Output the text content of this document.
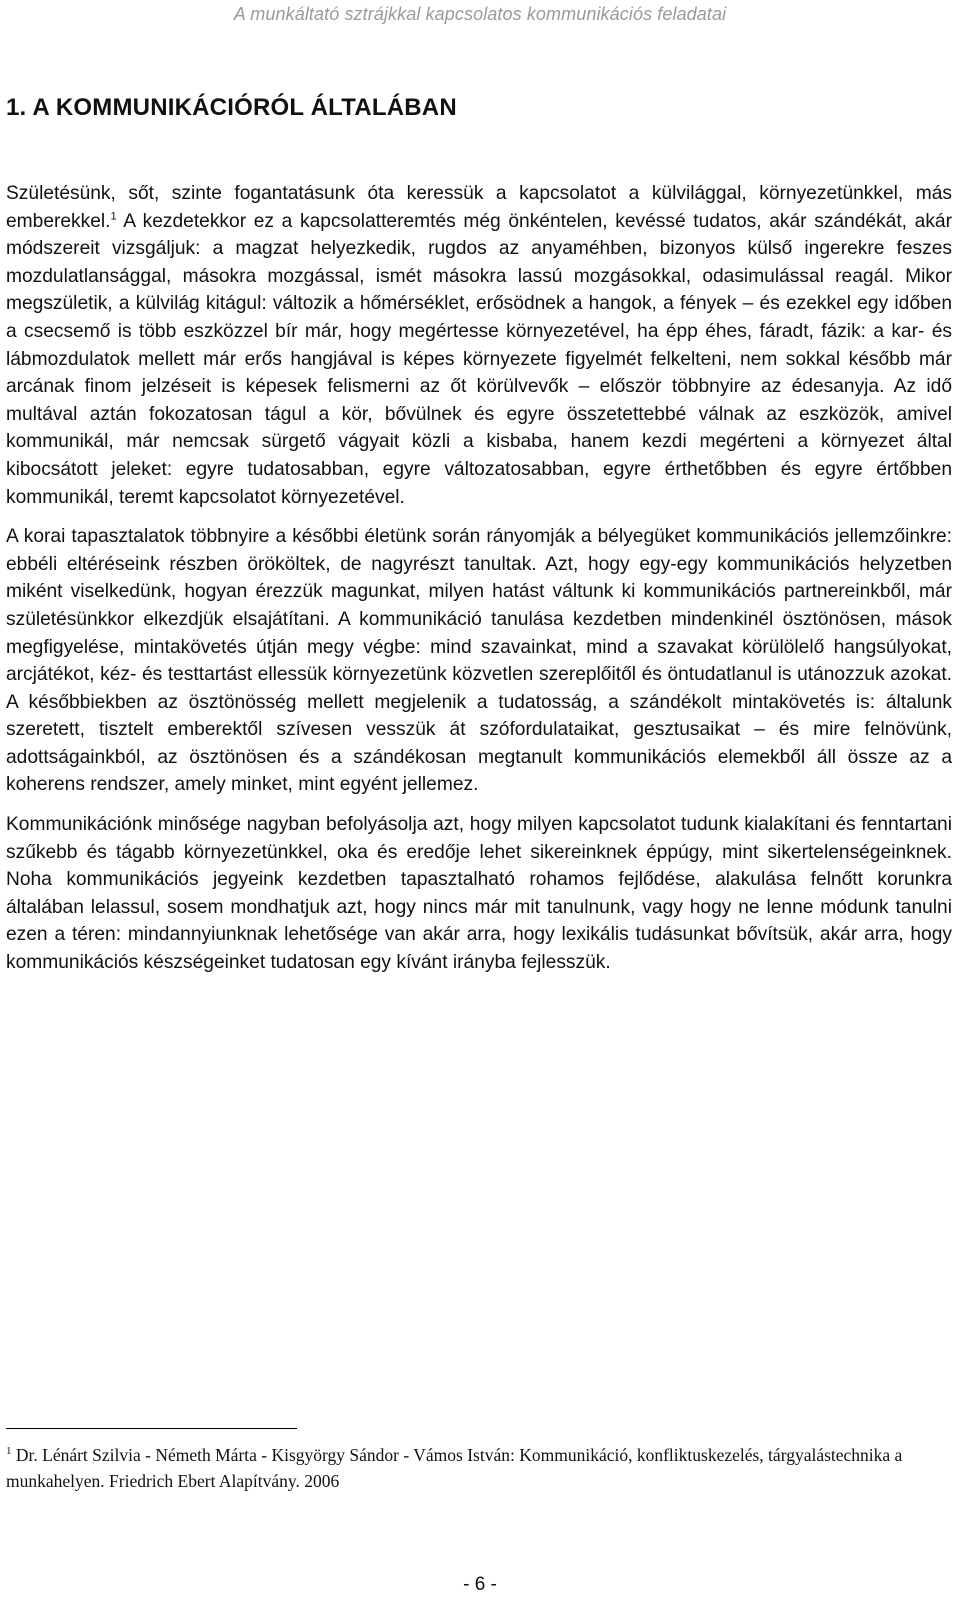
A munkáltató sztrájkkal kapcsolatos kommunikációs feladatai
1. A KOMMUNIKÁCIÓRÓL ÁLTALÁBAN

Születésünk, sőt, szinte fogantatásunk óta keressük a kapcsolatot a külvilággal, környezetünkkel, más emberekkel.$^1$ A kezdetekkor ez a kapcsolatteremtés még önkéntelen, kevéssé tudatos, akár szándékát, akár módszereit vizsgáljuk: a magzat helyezkedik, rugdos az anyaméhben, bizonyos külső ingerekre feszes mozdulatlansággal, másokra mozgással, ismét másokra lassú mozgásokkal, odasimulással reagál. Mikor megszületik, a külvilág kitágul: változik a hőmérséklet, erősödnek a hangok, a fények – és ezekkel egy időben a csecsemő is több eszközzel bír már, hogy megértesse környezetével, ha épp éhes, fáradt, fázik: a kar- és lábmozdulatok mellett már erős hangjával is képes környezete figyelmét felkelteni, nem sokkal később már arcának finom jelzéseit is képesek felismerni az őt körülvevők – először többnyire az édesanyja. Az idő multával aztán fokozatosan tágul a kör, bővülnek és egyre összetettebbé válnak az eszközök, amivel kommunikál, már nemcsak sürgető vágyait közli a kisbaba, hanem kezdi megérteni a környezet által kibocsátott jeleket: egyre tudatosabban, egyre változatosabban, egyre érthetőbben és egyre értőbben kommunikál, teremt kapcsolatot környezetével.

A korai tapasztalatok többnyire a későbbi életünk során rányomják a bélyegüket kommunikációs jellemzőinkre: ebbéli eltéréseink részben örököltek, de nagyrészt tanultak. Azt, hogy egy-egy kommunikációs helyzetben miként viselkedünk, hogyan érezzük magunkat, milyen hatást váltunk ki kommunikációs partnereinkből, már születésünkkor elkezdjük elsajátítani. A kommunikáció tanulása kezdetben mindenkinél ösztönösen, mások megfigyelése, mintakövetés útján megy végbe: mind szavainkat, mind a szavakat körülölelő hangsúlyokat, arcjátékot, kéz- és testtartást ellessük környezetünk közvetlen szereplőitől és öntudatlanul is utánozzuk azokat. A későbbiekben az ösztönösség mellett megjelenik a tudatosság, a szándékolt mintakövetés is: általunk szeretett, tisztelt emberektől szívesen vesszük át szófordulataikat, gesztusaikat – és mire felnövünk, adottságainkból, az ösztönösen és a szándékosan megtanult kommunikációs elemekből áll össze az a koherens rendszer, amely minket, mint egyént jellemez.

Kommunikációnk minősége nagyban befolyásolja azt, hogy milyen kapcsolatot tudunk kialakítani és fenntartani szűkebb és tágabb környezetünkkel, oka és eredője lehet sikereinknek éppúgy, mint sikertelenségeinknek. Noha kommunikációs jegyeink kezdetben tapasztalható rohamos fejlődése, alakulása felnőtt korunkra általában lelassul, sosem mondhatjuk azt, hogy nincs már mit tanulnunk, vagy hogy ne lenne módunk tanulni ezen a téren: mindannyiunknak lehetősége van akár arra, hogy lexikális tudásunkat bővítsük, akár arra, hogy kommunikációs készségeinket tudatosan egy kívánt irányba fejlesszük.

$^1$ Dr. Lénárt Szilvia - Németh Márta - Kisgyörgy Sándor - Vámos István: Kommunikáció, konfliktuskezelés, tárgyalástechnika a munkahelyen. Friedrich Ebert Alapítvány. 2006

- 6 -
